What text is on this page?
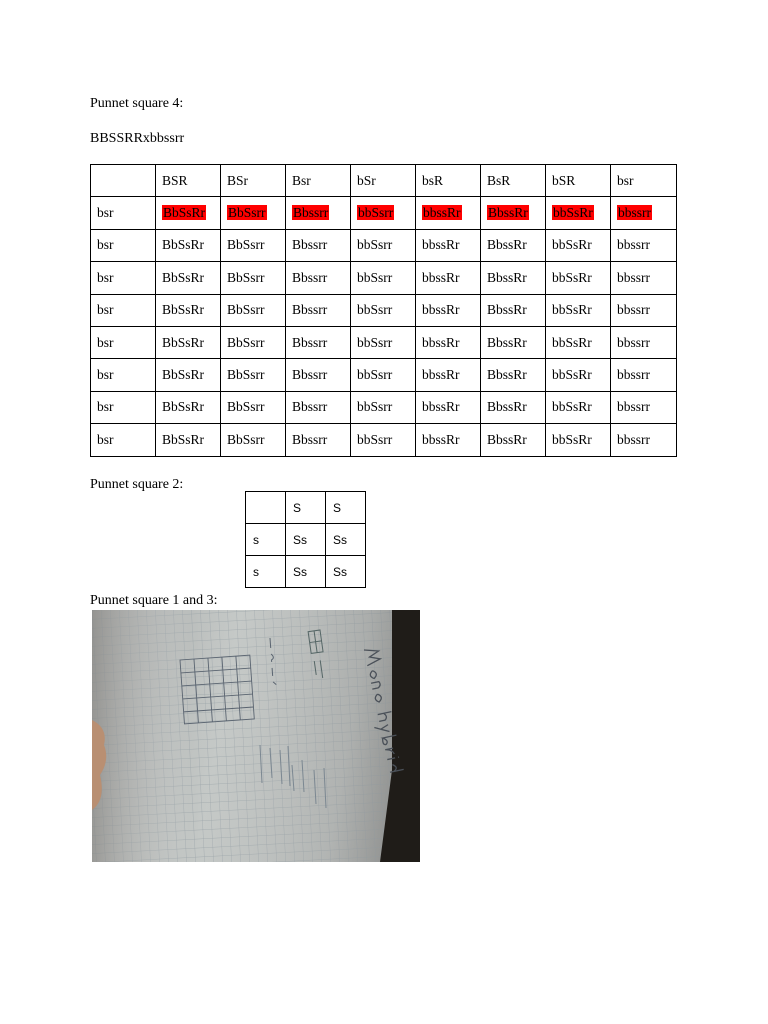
Punnet square 4:
BBSSRRxbbssrr
	BSR	BSr	Bsr	bSr	bsR	BsR	bSR	bsr
bsr	BbSsRr	BbSsrr	Bbssrr	bbSsrr	bbssRr	BbssRr	bbSsRr	bbssrr
bsr	BbSsRr	BbSsrr	Bbssrr	bbSsrr	bbssRr	BbssRr	bbSsRr	bbssrr
bsr	BbSsRr	BbSsrr	Bbssrr	bbSsrr	bbssRr	BbssRr	bbSsRr	bbssrr
bsr	BbSsRr	BbSsrr	Bbssrr	bbSsrr	bbssRr	BbssRr	bbSsRr	bbssrr
bsr	BbSsRr	BbSsrr	Bbssrr	bbSsrr	bbssRr	BbssRr	bbSsRr	bbssrr
bsr	BbSsRr	BbSsrr	Bbssrr	bbSsrr	bbssRr	BbssRr	bbSsRr	bbssrr
bsr	BbSsRr	BbSsrr	Bbssrr	bbSsrr	bbssRr	BbssRr	bbSsRr	bbssrr
bsr	BbSsRr	BbSsrr	Bbssrr	bbSsrr	bbssRr	BbssRr	bbSsRr	bbssrr
Punnet square 2:
	S	S
s	Ss	Ss
s	Ss	Ss
Punnet square 1 and 3:
